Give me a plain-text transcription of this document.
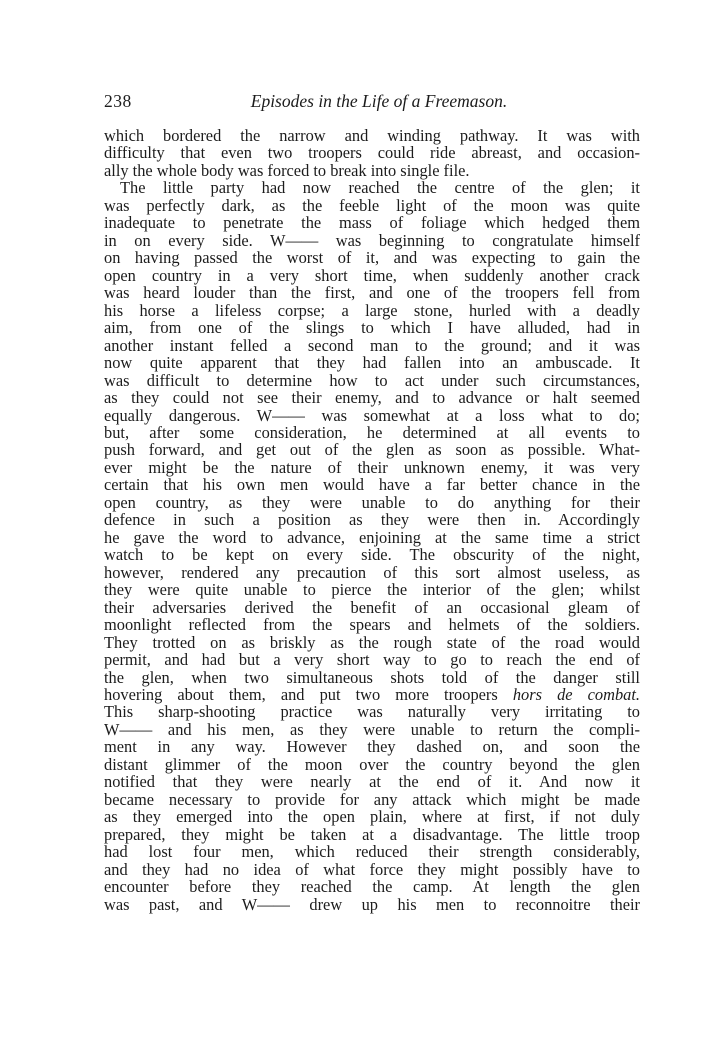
238	Episodes in the Life of a Freemason.
which bordered the narrow and winding pathway. It was with
difficulty that even two troopers could ride abreast, and occasion-
ally the whole body was forced to break into single file.
The little party had now reached the centre of the glen; it
was perfectly dark, as the feeble light of the moon was quite
inadequate to penetrate the mass of foliage which hedged them
in on every side. W—— was beginning to congratulate himself
on having passed the worst of it, and was expecting to gain the
open country in a very short time, when suddenly another crack
was heard louder than the first, and one of the troopers fell from
his horse a lifeless corpse; a large stone, hurled with a deadly
aim, from one of the slings to which I have alluded, had in
another instant felled a second man to the ground; and it was
now quite apparent that they had fallen into an ambuscade. It
was difficult to determine how to act under such circumstances,
as they could not see their enemy, and to advance or halt seemed
equally dangerous. W—— was somewhat at a loss what to do;
but, after some consideration, he determined at all events to
push forward, and get out of the glen as soon as possible. What-
ever might be the nature of their unknown enemy, it was very
certain that his own men would have a far better chance in the
open country, as they were unable to do anything for their
defence in such a position as they were then in. Accordingly
he gave the word to advance, enjoining at the same time a strict
watch to be kept on every side. The obscurity of the night,
however, rendered any precaution of this sort almost useless, as
they were quite unable to pierce the interior of the glen; whilst
their adversaries derived the benefit of an occasional gleam of
moonlight reflected from the spears and helmets of the soldiers.
They trotted on as briskly as the rough state of the road would
permit, and had but a very short way to go to reach the end of
the glen, when two simultaneous shots told of the danger still
hovering about them, and put two more troopers hors de combat.
This sharp-shooting practice was naturally very irritating to
W—— and his men, as they were unable to return the compli-
ment in any way. However they dashed on, and soon the
distant glimmer of the moon over the country beyond the glen
notified that they were nearly at the end of it. And now it
became necessary to provide for any attack which might be made
as they emerged into the open plain, where at first, if not duly
prepared, they might be taken at a disadvantage. The little troop
had lost four men, which reduced their strength considerably,
and they had no idea of what force they might possibly have to
encounter before they reached the camp. At length the glen
was past, and W—— drew up his men to reconnoitre their
